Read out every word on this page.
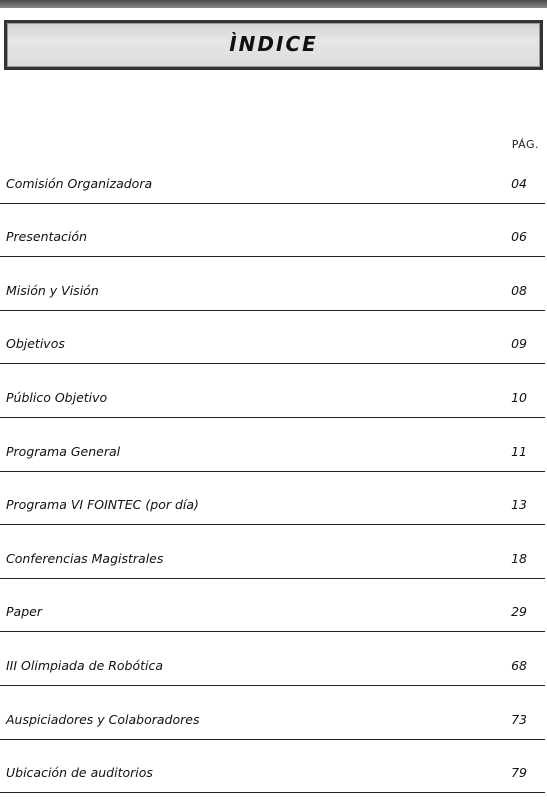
ÌNDICE
PÁG.
Comisión Organizadora	04
Presentación	06
Misión y Visión	08
Objetivos	09
Público Objetivo	10
Programa General	11
Programa VI FOINTEC (por día)	13
Conferencias Magistrales	18
Paper	29
III Olimpiada de Robótica	68
Auspiciadores y Colaboradores	73
Ubicación de auditorios	79
